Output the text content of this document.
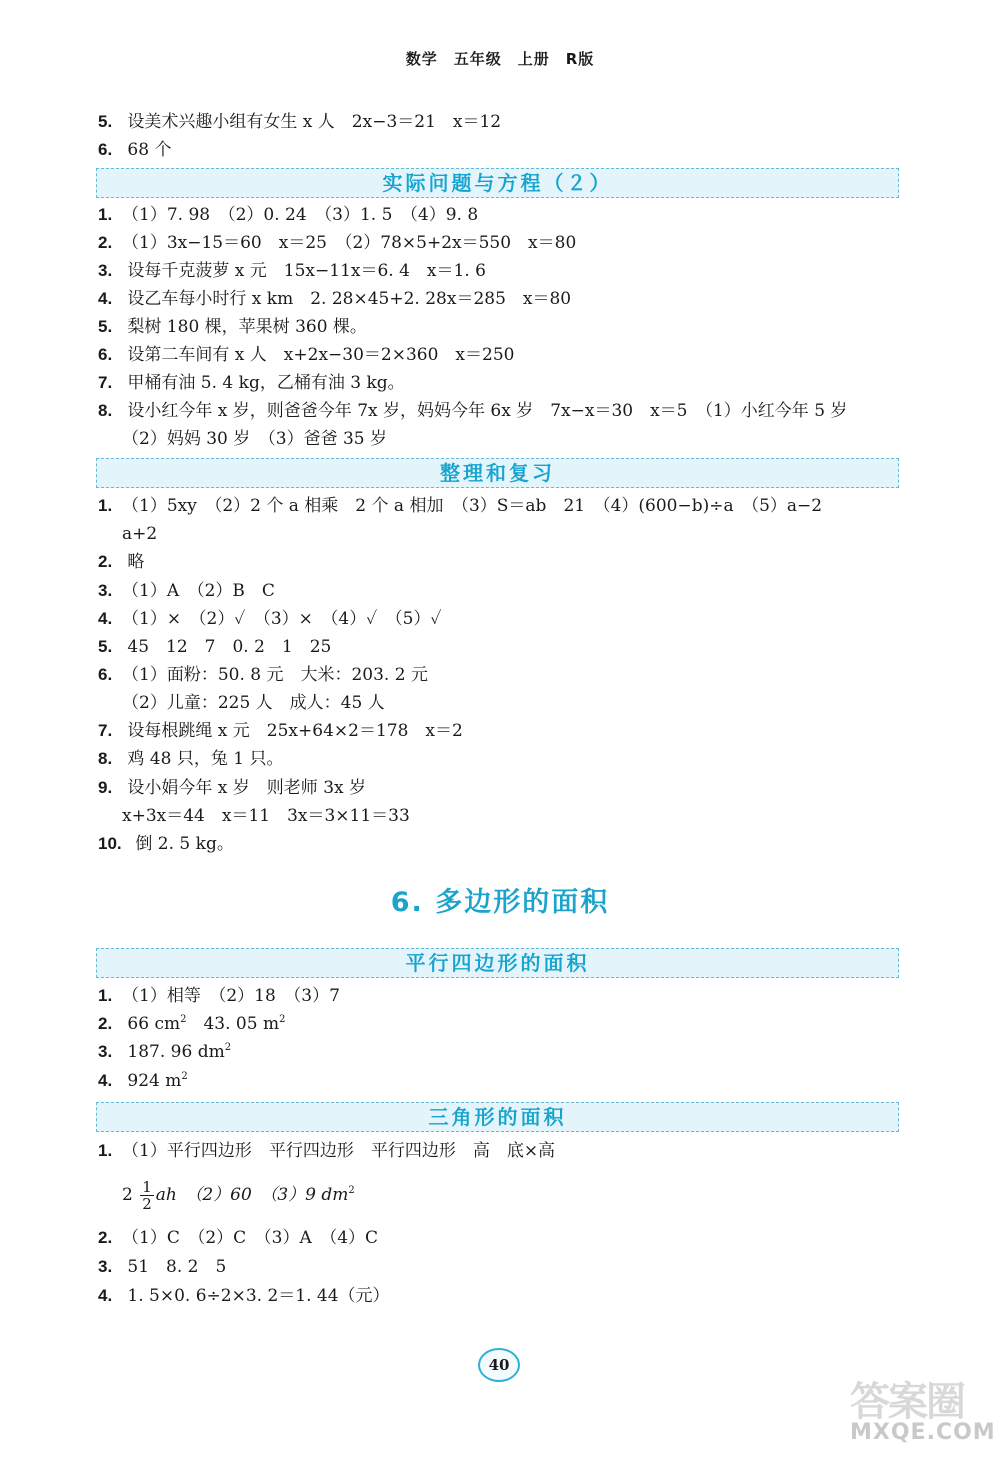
数学　五年级　上册　R版
5. 设美术兴趣小组有女生 x 人　2x−3＝21　x＝12
6. 68 个
实际问题与方程（２）
1. （1）7. 98　（2）0. 24　（3）1. 5　（4）9. 8
2. （1）3x−15＝60　x＝25　（2）78×5+2x＝550　x＝80
3. 设每千克菠萝 x 元　15x−11x＝6. 4　x＝1. 6
4. 设乙车每小时行 x km　2. 28×45+2. 28x＝285　x＝80
5. 梨树 180 棵，苹果树 360 棵。
6. 设第二车间有 x 人　x+2x−30＝2×360　x＝250
7. 甲桶有油 5. 4 kg，乙桶有油 3 kg。
8. 设小红今年 x 岁，则爸爸今年 7x 岁，妈妈今年 6x 岁　7x−x＝30　x＝5　（1）小红今年 5 岁
（2）妈妈 30 岁　（3）爸爸 35 岁
整理和复习
1. （1）5xy　（2）2 个 a 相乘　2 个 a 相加　（3）S＝ab　21　（4）(600−b)÷a　（5）a−2
a+2
2. 略
3. （1）A　（2）B　C
4. （1）×　（2）✓　（3）×　（4）✓　（5）✓
5. 45　12　7　0. 2　1　25
6. （1）面粉：50. 8 元　大米：203. 2 元
（2）儿童：225 人　成人：45 人
7. 设每根跳绳 x 元　25x+64×2＝178　x＝2
8. 鸡 48 只，兔 1 只。
9. 设小娟今年 x 岁　则老师 3x 岁
x+3x＝44　x＝11　3x＝3×11＝33
10. 倒 2. 5 kg。
6. 多边形的面积
平行四边形的面积
1. （1）相等　（2）18　（3）7
2. 66 $cm^2$　43. 05 $m^2$
3. 187. 96 $dm^2$
4. 924 $m^2$
三角形的面积
1. （1）平行四边形　平行四边形　平行四边形　高　底×高
$2 \frac{1}{2}$ ah　（2）60　（3）9 $dm^2$
2. （1）C　（2）C　（3）A　（4）C
3. 51　8. 2　5
4. 1. 5×0. 6÷2×3. 2＝1. 44（元）
40
答案圈
MXQE.COM
